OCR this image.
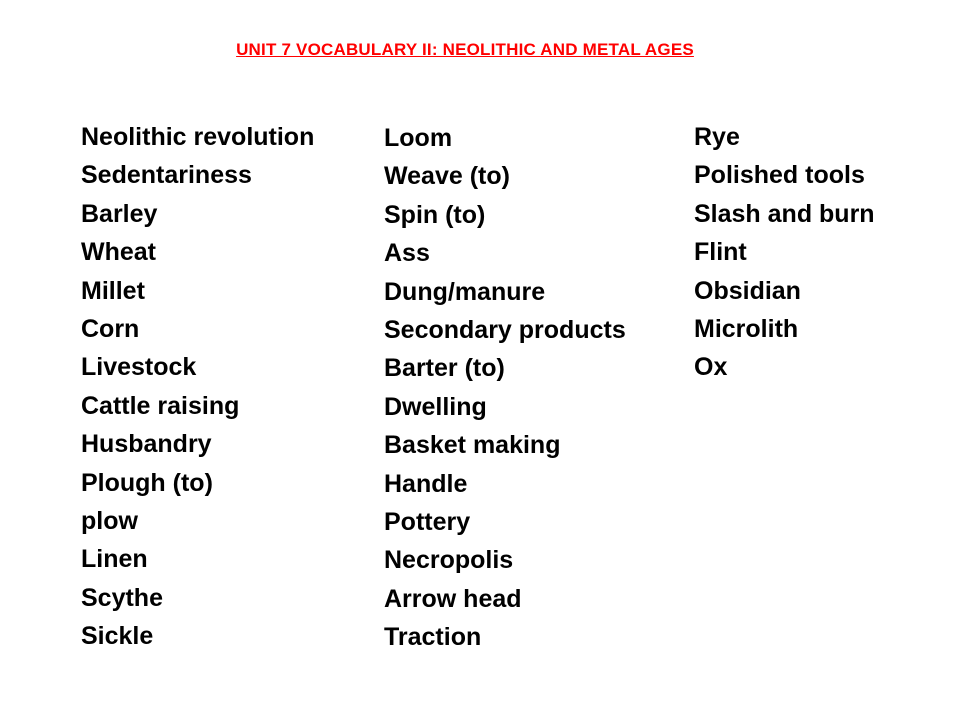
UNIT 7 VOCABULARY II: NEOLITHIC AND METAL AGES
Neolithic revolution
Sedentariness
Barley
Wheat
Millet
Corn
Livestock
Cattle raising
Husbandry
Plough (to)
plow
Linen
Scythe
Sickle
Loom
Weave (to)
Spin (to)
Ass
Dung/manure
Secondary products
Barter (to)
Dwelling
Basket making
Handle
Pottery
Necropolis
Arrow head
Traction
Rye
Polished tools
Slash and burn
Flint
Obsidian
Microlith
Ox
